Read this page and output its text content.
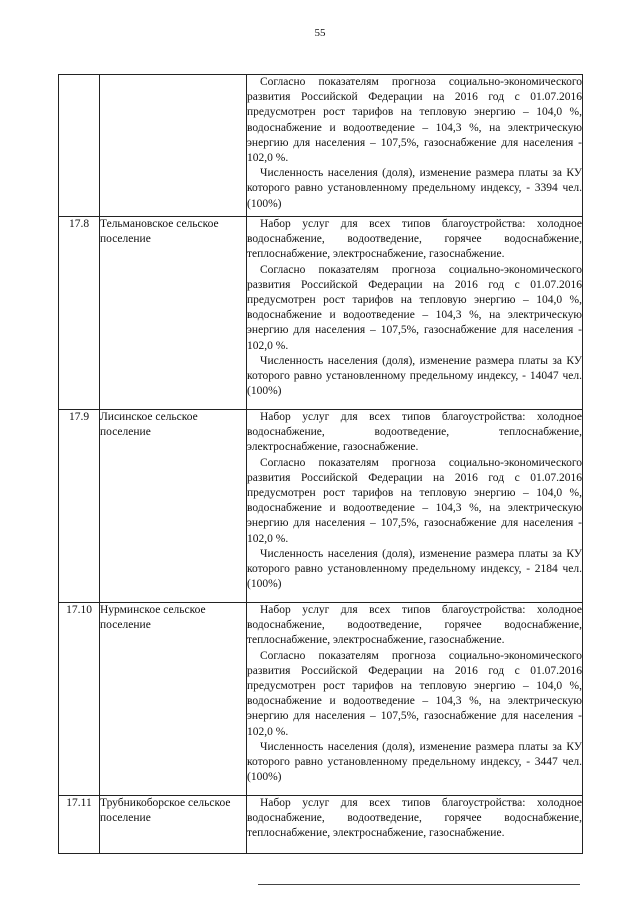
55

		Согласно показателям прогноза социально-экономического развития Российской Федерации на 2016 год с 01.07.2016 предусмотрен рост тарифов на тепловую энергию – 104,0 %, водоснабжение и водоотведение – 104,3 %, на электрическую энергию для населения – 107,5%, газоснабжение для населения - 102,0 %.

Численность населения (доля), изменение размера платы за КУ которого равно установленному предельному индексу, - 3394 чел. (100%)

17.8	Тельмановское сельское поселение	Набор услуг для всех типов благоустройства: холодное водоснабжение, водоотведение, горячее водоснабжение, теплоснабжение, электроснабжение, газоснабжение.

Согласно показателям прогноза социально-экономического развития Российской Федерации на 2016 год с 01.07.2016 предусмотрен рост тарифов на тепловую энергию – 104,0 %, водоснабжение и водоотведение – 104,3 %, на электрическую энергию для населения – 107,5%, газоснабжение для населения - 102,0 %.

Численность населения (доля), изменение размера платы за КУ которого равно установленному предельному индексу, - 14047 чел. (100%)

17.9	Лисинское сельское поселение	Набор услуг для всех типов благоустройства: холодное водоснабжение, водоотведение, теплоснабжение, электроснабжение, газоснабжение.

Согласно показателям прогноза социально-экономического развития Российской Федерации на 2016 год с 01.07.2016 предусмотрен рост тарифов на тепловую энергию – 104,0 %, водоснабжение и водоотведение – 104,3 %, на электрическую энергию для населения – 107,5%, газоснабжение для населения - 102,0 %.

Численность населения (доля), изменение размера платы за КУ которого равно установленному предельному индексу, - 2184 чел. (100%)

17.10	Нурминское сельское поселение	Набор услуг для всех типов благоустройства: холодное водоснабжение, водоотведение, горячее водоснабжение, теплоснабжение, электроснабжение, газоснабжение.

Согласно показателям прогноза социально-экономического развития Российской Федерации на 2016 год с 01.07.2016 предусмотрен рост тарифов на тепловую энергию – 104,0 %, водоснабжение и водоотведение – 104,3 %, на электрическую энергию для населения – 107,5%, газоснабжение для населения - 102,0 %.

Численность населения (доля), изменение размера платы за КУ которого равно установленному предельному индексу, - 3447 чел. (100%)

17.11	Трубникоборское сельское поселение	Набор услуг для всех типов благоустройства: холодное водоснабжение, водоотведение, горячее водоснабжение, теплоснабжение, электроснабжение, газоснабжение.
